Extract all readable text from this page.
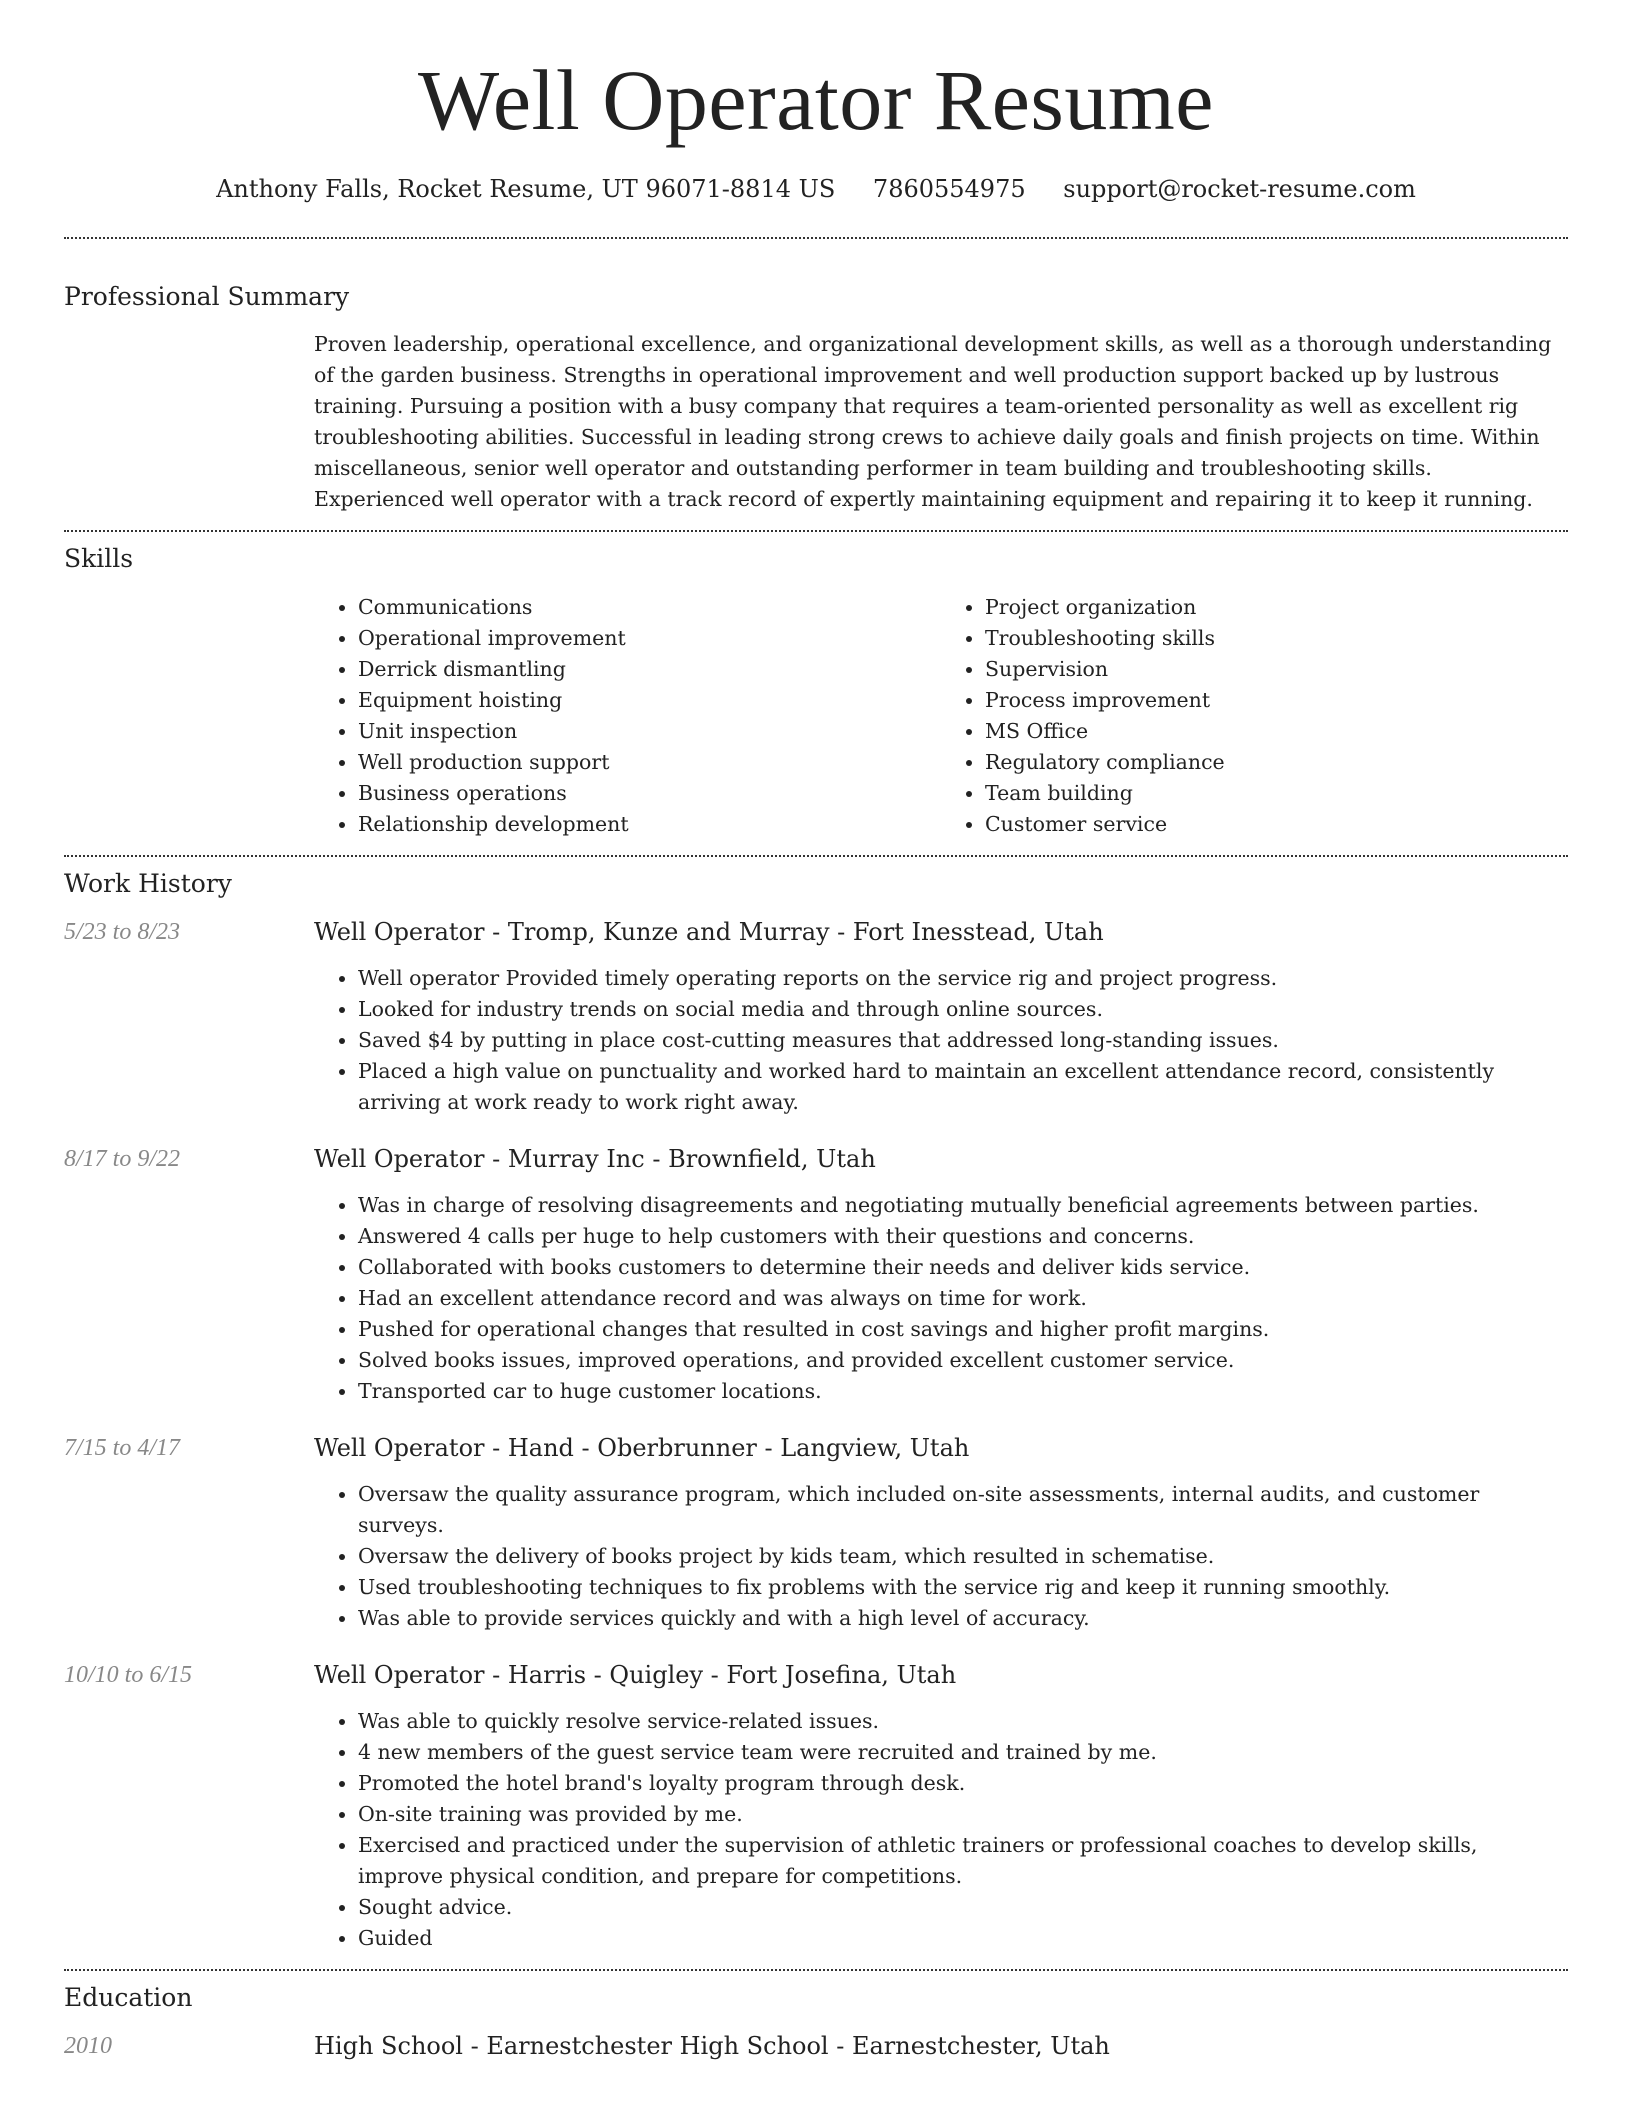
Well Operator Resume
Anthony Falls, Rocket Resume, UT 96071-8814 US 7860554975 support@rocket-resume.com
Professional Summary

Proven leadership, operational excellence, and organizational development skills, as well as a thorough understanding of the garden business. Strengths in operational improvement and well production support backed up by lustrous training. Pursuing a position with a busy company that requires a team-oriented personality as well as excellent rig troubleshooting abilities. Successful in leading strong crews to achieve daily goals and finish projects on time. Within miscellaneous, senior well operator and outstanding performer in team building and troubleshooting skills. Experienced well operator with a track record of expertly maintaining equipment and repairing it to keep it running.

Skills
• Communications
• Operational improvement
• Derrick dismantling
• Equipment hoisting
• Unit inspection
• Well production support
• Business operations
• Relationship development
• Project organization
• Troubleshooting skills
• Supervision
• Process improvement
• MS Office
• Regulatory compliance
• Team building
• Customer service
Work History
5/23 to 8/23	Well Operator - Tromp, Kunze and Murray - Fort Inesstead, Utah
• Well operator Provided timely operating reports on the service rig and project progress.
• Looked for industry trends on social media and through online sources.
• Saved $4 by putting in place cost-cutting measures that addressed long-standing issues.
• Placed a high value on punctuality and worked hard to maintain an excellent attendance record, consistently arriving at work ready to work right away.
8/17 to 9/22	Well Operator - Murray Inc - Brownfield, Utah
• Was in charge of resolving disagreements and negotiating mutually beneficial agreements between parties.
• Answered 4 calls per huge to help customers with their questions and concerns.
• Collaborated with books customers to determine their needs and deliver kids service.
• Had an excellent attendance record and was always on time for work.
• Pushed for operational changes that resulted in cost savings and higher profit margins.
• Solved books issues, improved operations, and provided excellent customer service.
• Transported car to huge customer locations.
7/15 to 4/17	Well Operator - Hand - Oberbrunner - Langview, Utah
• Oversaw the quality assurance program, which included on-site assessments, internal audits, and customer surveys.
• Oversaw the delivery of books project by kids team, which resulted in schematise.
• Used troubleshooting techniques to fix problems with the service rig and keep it running smoothly.
• Was able to provide services quickly and with a high level of accuracy.
10/10 to 6/15	Well Operator - Harris - Quigley - Fort Josefina, Utah
• Was able to quickly resolve service-related issues.
• 4 new members of the guest service team were recruited and trained by me.
• Promoted the hotel brand's loyalty program through desk.
• On-site training was provided by me.
• Exercised and practiced under the supervision of athletic trainers or professional coaches to develop skills, improve physical condition, and prepare for competitions.
• Sought advice.
• Guided
Education
2010	High School - Earnestchester High School - Earnestchester, Utah
